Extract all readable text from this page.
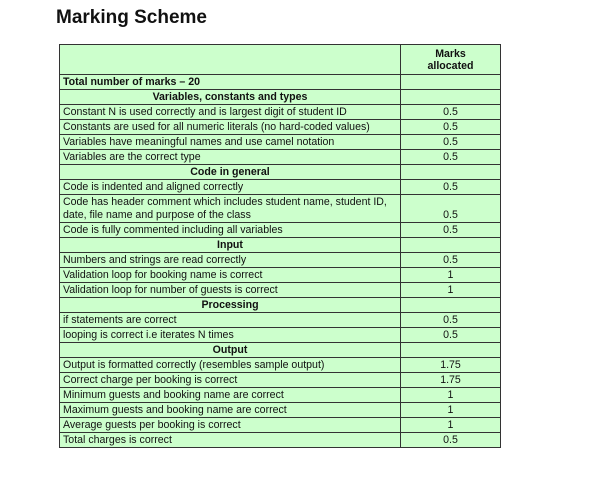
Marking Scheme

	Marks
allocated

Total number of marks – 20	
Variables, constants and types	
Constant N is used correctly and is largest digit of student ID	0.5
Constants are used for all numeric literals (no hard-coded values)	0.5
Variables have meaningful names and use camel notation	0.5
Variables are the correct type	0.5
Code in general	
Code is indented and aligned correctly	0.5
Code has header comment which includes student name, student ID, date, file name and purpose of the class	0.5
Code is fully commented including all variables	0.5
Input	
Numbers and strings are read correctly	0.5
Validation loop for booking name is correct	1
Validation loop for number of guests is correct	1
Processing	
if statements are correct	0.5
looping is correct i.e iterates N times	0.5
Output	
Output is formatted correctly (resembles sample output)	1.75
Correct charge per booking is correct	1.75
Minimum guests and booking name are correct	1
Maximum guests and booking name are correct	1
Average guests per booking is correct	1
Total charges is correct	0.5
